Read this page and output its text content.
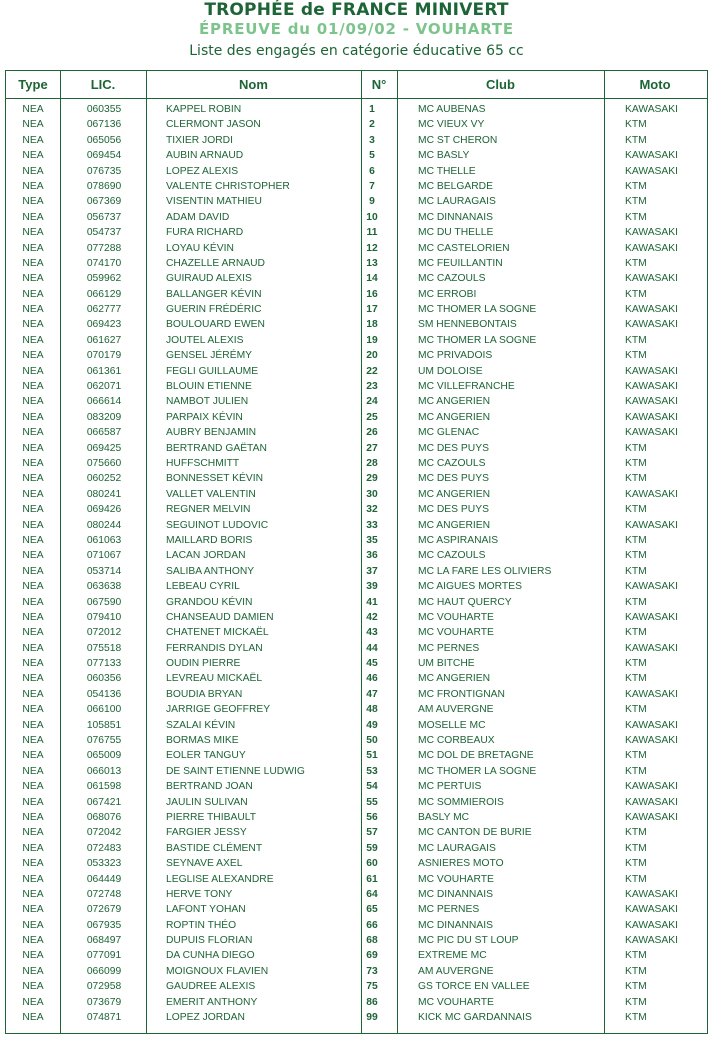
TROPHÉE de FRANCE MINIVERT
ÉPREUVE du 01/09/02 - VOUHARTE
Liste des engagés en catégorie éducative 65 cc
Type	LIC.	Nom	N°	Club	Moto
NEA	060355	KAPPEL ROBIN	1	MC AUBENAS	KAWASAKI
NEA	067136	CLERMONT JASON	2	MC VIEUX VY	KTM
NEA	065056	TIXIER JORDI	3	MC ST CHERON	KTM
NEA	069454	AUBIN ARNAUD	5	MC BASLY	KAWASAKI
NEA	076735	LOPEZ ALEXIS	6	MC THELLE	KAWASAKI
NEA	078690	VALENTE CHRISTOPHER	7	MC BELGARDE	KTM
NEA	067369	VISENTIN MATHIEU	9	MC LAURAGAIS	KTM
NEA	056737	ADAM DAVID	10	MC DINNANAIS	KTM
NEA	054737	FURA RICHARD	11	MC DU THELLE	KAWASAKI
NEA	077288	LOYAU KÉVIN	12	MC CASTELORIEN	KAWASAKI
NEA	074170	CHAZELLE ARNAUD	13	MC FEUILLANTIN	KTM
NEA	059962	GUIRAUD ALEXIS	14	MC CAZOULS	KAWASAKI
NEA	066129	BALLANGER KÉVIN	16	MC ERROBI	KTM
NEA	062777	GUERIN FRÉDÉRIC	17	MC THOMER LA SOGNE	KAWASAKI
NEA	069423	BOULOUARD EWEN	18	SM HENNEBONTAIS	KAWASAKI
NEA	061627	JOUTEL ALEXIS	19	MC THOMER LA SOGNE	KTM
NEA	070179	GENSEL JÉRÉMY	20	MC PRIVADOIS	KTM
NEA	061361	FEGLI GUILLAUME	22	UM DOLOISE	KAWASAKI
NEA	062071	BLOUIN ETIENNE	23	MC VILLEFRANCHE	KAWASAKI
NEA	066614	NAMBOT JULIEN	24	MC ANGERIEN	KAWASAKI
NEA	083209	PARPAIX KÉVIN	25	MC ANGERIEN	KAWASAKI
NEA	066587	AUBRY BENJAMIN	26	MC GLENAC	KAWASAKI
NEA	069425	BERTRAND GAËTAN	27	MC DES PUYS	KTM
NEA	075660	HUFFSCHMITT	28	MC CAZOULS	KTM
NEA	060252	BONNESSET KÉVIN	29	MC DES PUYS	KTM
NEA	080241	VALLET VALENTIN	30	MC ANGERIEN	KAWASAKI
NEA	069426	REGNER MELVIN	32	MC DES PUYS	KTM
NEA	080244	SEGUINOT LUDOVIC	33	MC ANGERIEN	KAWASAKI
NEA	061063	MAILLARD BORIS	35	MC ASPIRANAIS	KTM
NEA	071067	LACAN JORDAN	36	MC CAZOULS	KTM
NEA	053714	SALIBA ANTHONY	37	MC LA FARE LES OLIVIERS	KTM
NEA	063638	LEBEAU CYRIL	39	MC AIGUES MORTES	KAWASAKI
NEA	067590	GRANDOU KÉVIN	41	MC HAUT QUERCY	KTM
NEA	079410	CHANSEAUD DAMIEN	42	MC VOUHARTE	KAWASAKI
NEA	072012	CHATENET MICKAËL	43	MC VOUHARTE	KTM
NEA	075518	FERRANDIS DYLAN	44	MC PERNES	KAWASAKI
NEA	077133	OUDIN PIERRE	45	UM BITCHE	KTM
NEA	060356	LEVREAU MICKAËL	46	MC ANGERIEN	KTM
NEA	054136	BOUDIA BRYAN	47	MC FRONTIGNAN	KAWASAKI
NEA	066100	JARRIGE GEOFFREY	48	AM AUVERGNE	KTM
NEA	105851	SZALAI KÉVIN	49	MOSELLE MC	KAWASAKI
NEA	076755	BORMAS MIKE	50	MC CORBEAUX	KAWASAKI
NEA	065009	EOLER TANGUY	51	MC DOL DE BRETAGNE	KTM
NEA	066013	DE SAINT ETIENNE LUDWIG	53	MC THOMER LA SOGNE	KTM
NEA	061598	BERTRAND JOAN	54	MC PERTUIS	KAWASAKI
NEA	067421	JAULIN SULIVAN	55	MC SOMMIEROIS	KAWASAKI
NEA	068076	PIERRE THIBAULT	56	BASLY MC	KAWASAKI
NEA	072042	FARGIER JESSY	57	MC CANTON DE BURIE	KTM
NEA	072483	BASTIDE CLÉMENT	59	MC LAURAGAIS	KTM
NEA	053323	SEYNAVE AXEL	60	ASNIERES MOTO	KTM
NEA	064449	LEGLISE ALEXANDRE	61	MC VOUHARTE	KTM
NEA	072748	HERVE TONY	64	MC DINANNAIS	KAWASAKI
NEA	072679	LAFONT YOHAN	65	MC PERNES	KAWASAKI
NEA	067935	ROPTIN THÉO	66	MC DINANNAIS	KAWASAKI
NEA	068497	DUPUIS FLORIAN	68	MC PIC DU ST LOUP	KAWASAKI
NEA	077091	DA CUNHA DIEGO	69	EXTREME MC	KTM
NEA	066099	MOIGNOUX FLAVIEN	73	AM AUVERGNE	KTM
NEA	072958	GAUDREE ALEXIS	75	GS TORCE EN VALLEE	KTM
NEA	073679	EMERIT ANTHONY	86	MC VOUHARTE	KTM
NEA	074871	LOPEZ JORDAN	99	KICK MC GARDANNAIS	KTM
